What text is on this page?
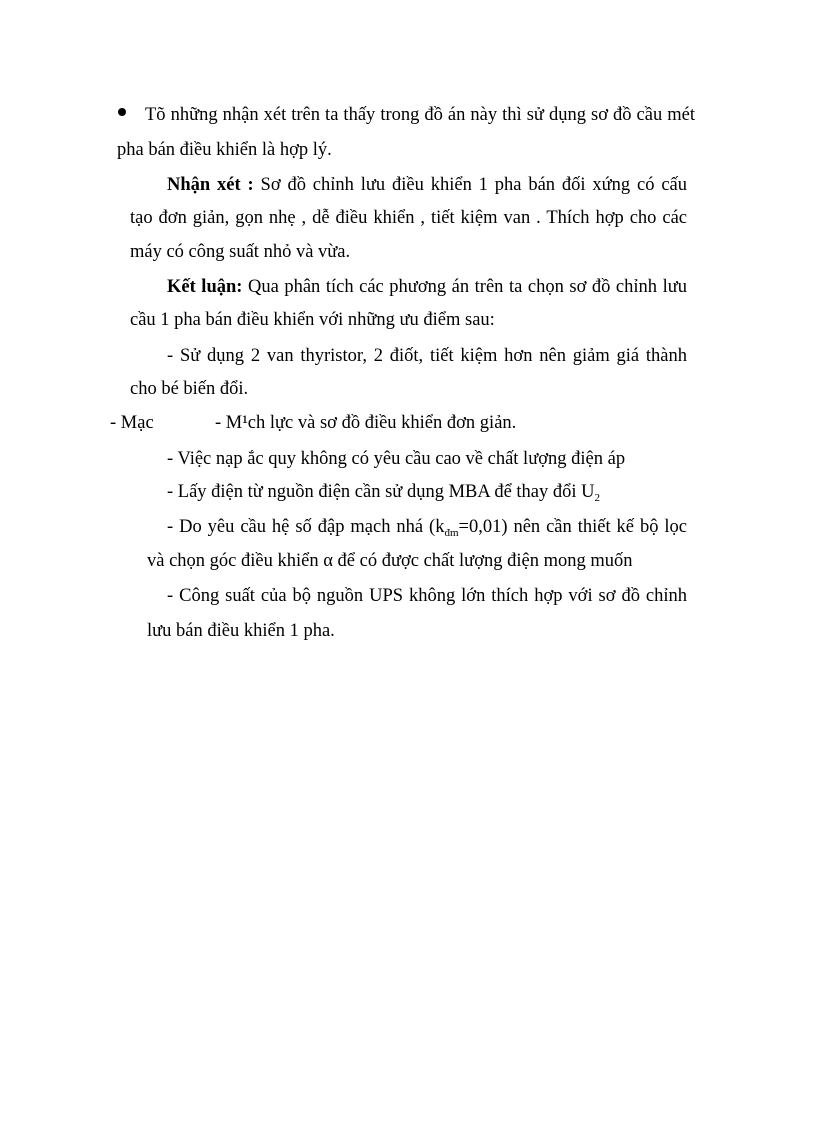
Tõ những nhận xét trên ta thấy trong đồ án này thì sử dụng sơ đồ cầu mét
pha bán điều khiển là hợp lý.
Nhận xét : Sơ đồ chỉnh lưu điều khiển 1 pha bán đối xứng có cấu
tạo đơn giản, gọn nhẹ , dễ điều khiển , tiết kiệm van . Thích hợp cho các
máy có công suất nhỏ và vừa.
Kết luận: Qua phân tích các phương án trên ta chọn sơ đồ chỉnh lưu
cầu 1 pha bán điều khiển với những ưu điểm sau:
- Sử dụng 2 van thyristor, 2 điốt, tiết kiệm hơn nên giảm giá thành
cho bé biến đổi.
- Mạc	- M¹ch lực và sơ đồ điều khiển đơn giản.
- Việc nạp ắc quy không có yêu cầu cao về chất lượng điện áp
- Lấy điện từ nguồn điện cần sử dụng MBA để thay đổi $U_2$
- Do yêu cầu hệ số đập mạch nhá $(k_{đm}=0,01)$ nên cần thiết kế bộ lọc
và chọn góc điều khiển α để có được chất lượng điện mong muốn
- Công suất của bộ nguồn UPS không lớn thích hợp với sơ đồ chỉnh
lưu bán điều khiển 1 pha.
